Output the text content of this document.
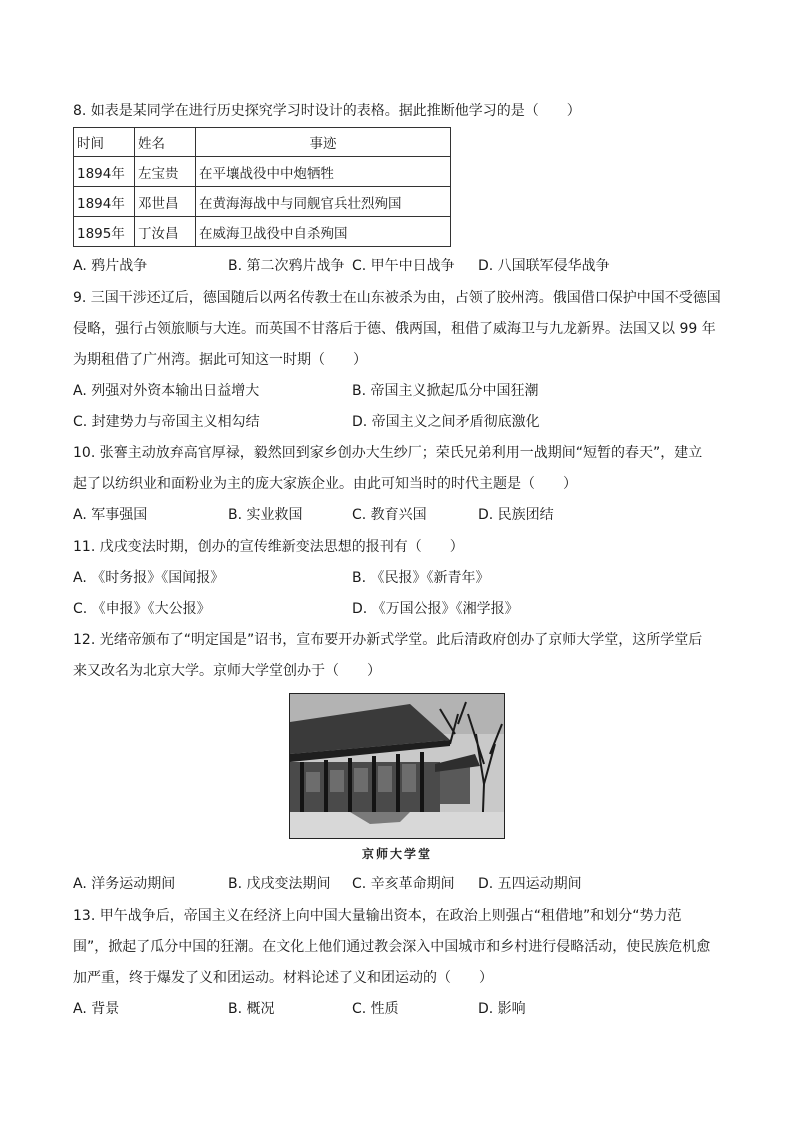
8. 如表是某同学在进行历史探究学习时设计的表格。据此推断他学习的是（　　）
时间	姓名	事迹
1894年	左宝贵	在平壤战役中中炮牺牲
1894年	邓世昌	在黄海海战中与同舰官兵壮烈殉国
1895年	丁汝昌	在威海卫战役中自杀殉国
A. 鸦片战争	B. 第二次鸦片战争 C. 甲午中日战争 D. 八国联军侵华战争
9. 三国干涉还辽后，德国随后以两名传教士在山东被杀为由，占领了胶州湾。俄国借口保护中国不受德国
侵略，强行占领旅顺与大连。而英国不甘落后于德、俄两国，租借了威海卫与九龙新界。法国又以 99 年
为期租借了广州湾。据此可知这一时期（　　）
A. 列强对外资本输出日益增大	B. 帝国主义掀起瓜分中国狂潮
C. 封建势力与帝国主义相勾结	D. 帝国主义之间矛盾彻底激化
10. 张謇主动放弃高官厚禄，毅然回到家乡创办大生纱厂；荣氏兄弟利用一战期间“短暂的春天”，建立
起了以纺织业和面粉业为主的庞大家族企业。由此可知当时的时代主题是（　　）
A. 军事强国	B. 实业救国	C. 教育兴国	D. 民族团结
11. 戊戌变法时期，创办的宣传维新变法思想的报刊有（　　）
A. 《时务报》《国闻报》	B. 《民报》《新青年》
C. 《申报》《大公报》	D. 《万国公报》《湘学报》
12. 光绪帝颁布了“明定国是”诏书，宣布要开办新式学堂。此后清政府创办了京师大学堂，这所学堂后
来又改名为北京大学。京师大学堂创办于（　　）
京师大学堂
A. 洋务运动期间	B. 戊戌变法期间 C. 辛亥革命期间 D. 五四运动期间
13. 甲午战争后，帝国主义在经济上向中国大量输出资本，在政治上则强占“租借地”和划分“势力范
围”，掀起了瓜分中国的狂潮。在文化上他们通过教会深入中国城市和乡村进行侵略活动，使民族危机愈
加严重，终于爆发了义和团运动。材料论述了义和团运动的（　　）
A. 背景	B. 概况	C. 性质	D. 影响
